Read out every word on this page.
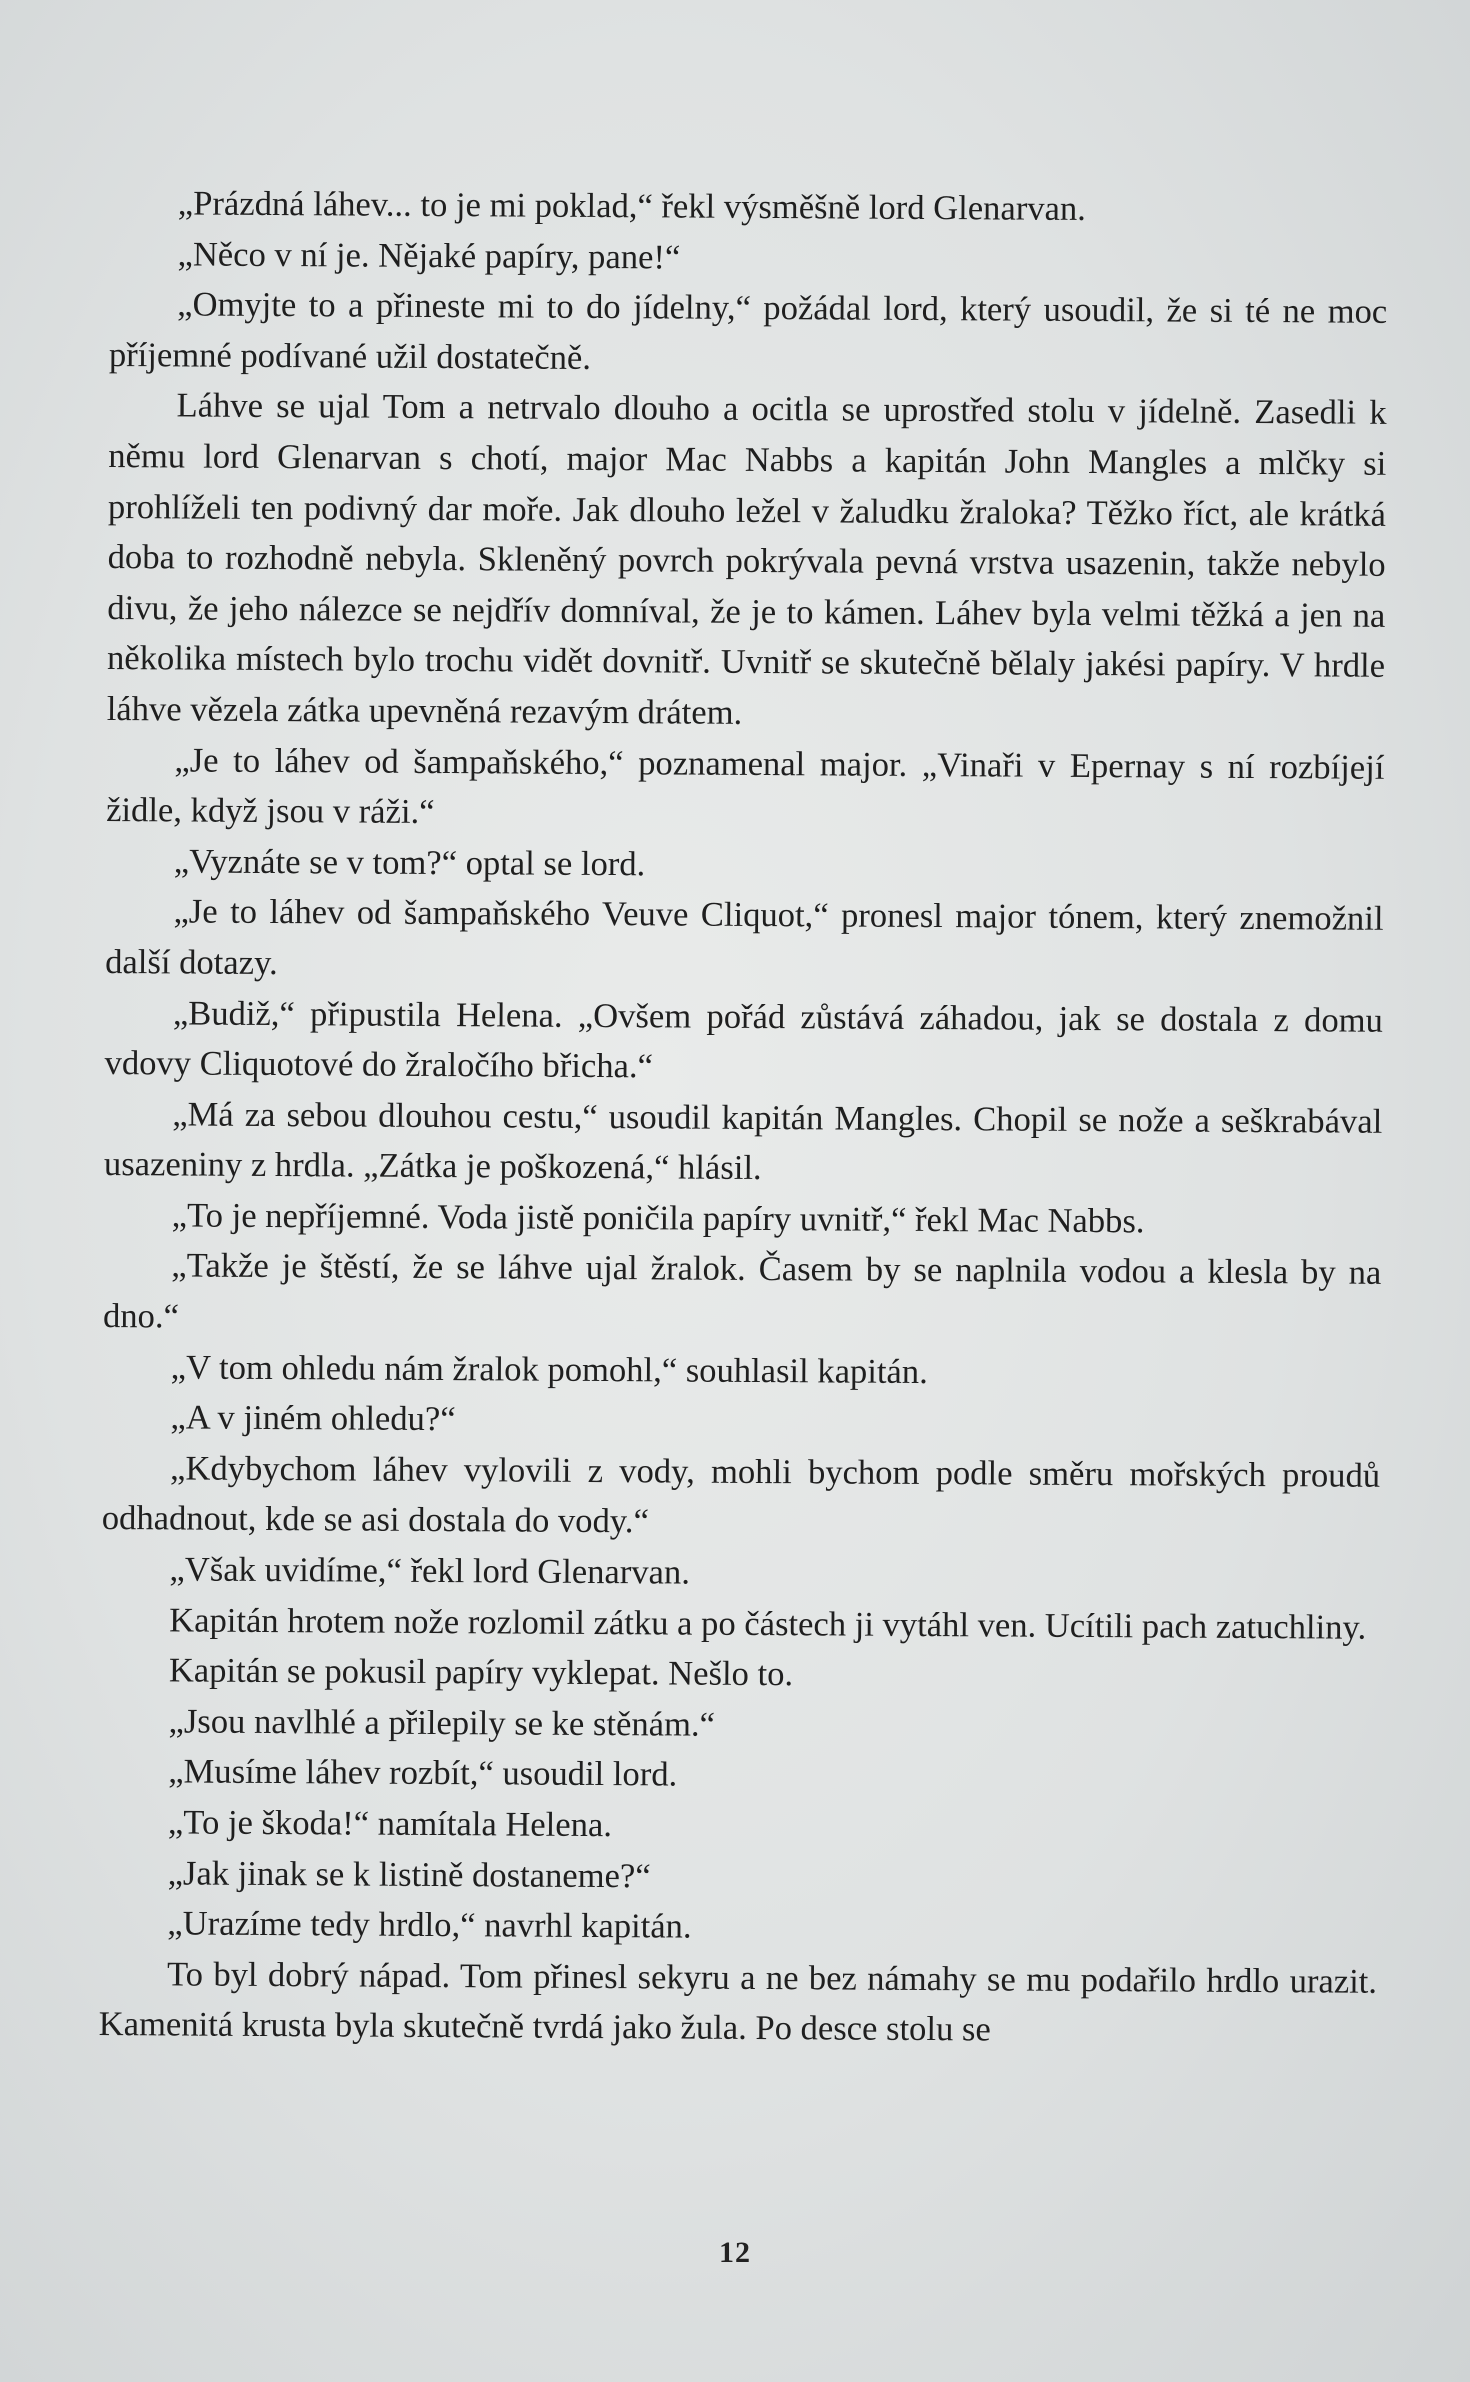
„Prázdná láhev... to je mi poklad,“ řekl výsměšně lord Glenarvan.

„Něco v ní je. Nějaké papíry, pane!“

„Omyjte to a přineste mi to do jídelny,“ požádal lord, který usoudil, že si té ne moc příjemné podívané užil dostatečně.

Láhve se ujal Tom a netrvalo dlouho a ocitla se uprostřed stolu v jídelně. Zasedli k němu lord Glenarvan s chotí, major Mac Nabbs a kapitán John Mangles a mlčky si prohlíželi ten podivný dar moře. Jak dlouho ležel v žaludku žraloka? Těžko říct, ale krátká doba to rozhodně nebyla. Skleněný povrch pokrývala pevná vrstva usazenin, takže nebylo divu, že jeho nálezce se nejdřív domníval, že je to kámen. Láhev byla velmi těžká a jen na několika místech bylo trochu vidět dovnitř. Uvnitř se skutečně bělaly jakési papíry. V hrdle láhve vězela zátka upevněná rezavým drátem.

„Je to láhev od šampaňského,“ poznamenal major. „Vinaři v Epernay s ní rozbíjejí židle, když jsou v ráži.“

„Vyznáte se v tom?“ optal se lord.

„Je to láhev od šampaňského Veuve Cliquot,“ pronesl major tónem, který znemožnil další dotazy.

„Budiž,“ připustila Helena. „Ovšem pořád zůstává záhadou, jak se dostala z domu vdovy Cliquotové do žraločího břicha.“

„Má za sebou dlouhou cestu,“ usoudil kapitán Mangles. Chopil se nože a seškrabával usazeniny z hrdla. „Zátka je poškozená,“ hlásil.

„To je nepříjemné. Voda jistě poničila papíry uvnitř,“ řekl Mac Nabbs.

„Takže je štěstí, že se láhve ujal žralok. Časem by se naplnila vodou a klesla by na dno.“

„V tom ohledu nám žralok pomohl,“ souhlasil kapitán.

„A v jiném ohledu?“

„Kdybychom láhev vylovili z vody, mohli bychom podle směru mořských proudů odhadnout, kde se asi dostala do vody.“

„Však uvidíme,“ řekl lord Glenarvan.

Kapitán hrotem nože rozlomil zátku a po částech ji vytáhl ven. Ucítili pach zatuchliny.

Kapitán se pokusil papíry vyklepat. Nešlo to.

„Jsou navlhlé a přilepily se ke stěnám.“

„Musíme láhev rozbít,“ usoudil lord.

„To je škoda!“ namítala Helena.

„Jak jinak se k listině dostaneme?“

„Urazíme tedy hrdlo,“ navrhl kapitán.

To byl dobrý nápad. Tom přinesl sekyru a ne bez námahy se mu podařilo hrdlo urazit. Kamenitá krusta byla skutečně tvrdá jako žula. Po desce stolu se

12
